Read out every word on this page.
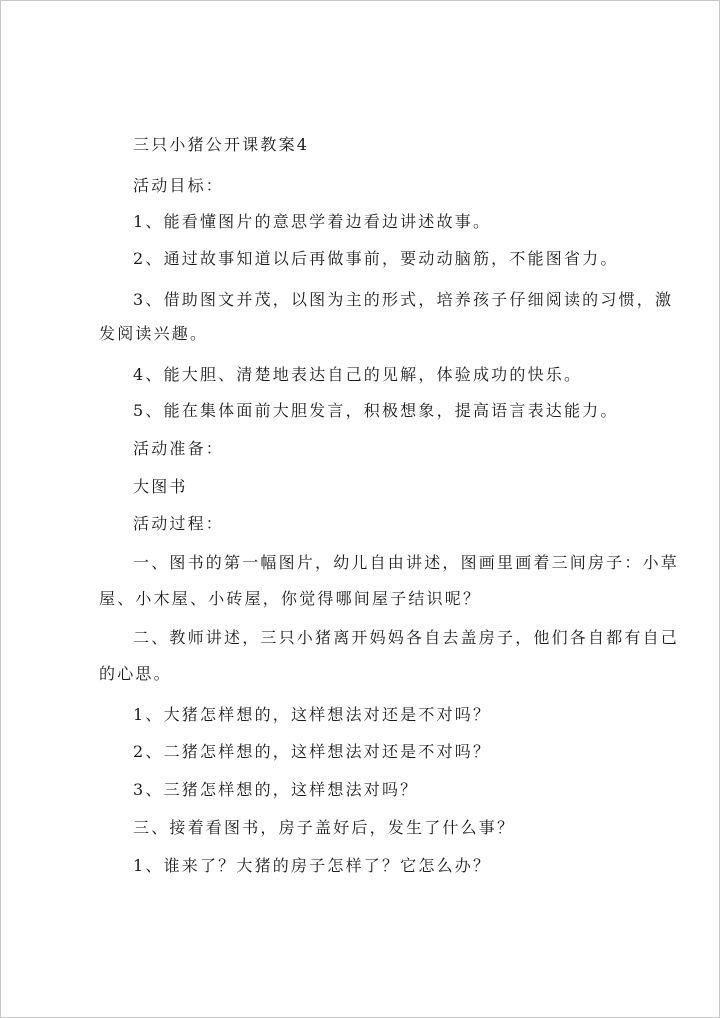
三只小猪公开课教案4
活动目标：
1、能看懂图片的意思学着边看边讲述故事。
2、通过故事知道以后再做事前，要动动脑筋，不能图省力。
3、借助图文并茂，以图为主的形式，培养孩子仔细阅读的习惯，激
发阅读兴趣。
4、能大胆、清楚地表达自己的见解，体验成功的快乐。
5、能在集体面前大胆发言，积极想象，提高语言表达能力。
活动准备：
大图书
活动过程：
一、图书的第一幅图片，幼儿自由讲述，图画里画着三间房子：小草
屋、小木屋、小砖屋，你觉得哪间屋子结识呢？
二、教师讲述，三只小猪离开妈妈各自去盖房子，他们各自都有自己
的心思。
1、大猪怎样想的，这样想法对还是不对吗？
2、二猪怎样想的，这样想法对还是不对吗？
3、三猪怎样想的，这样想法对吗？
三、接着看图书，房子盖好后，发生了什么事？
1、谁来了？大猪的房子怎样了？它怎么办？
